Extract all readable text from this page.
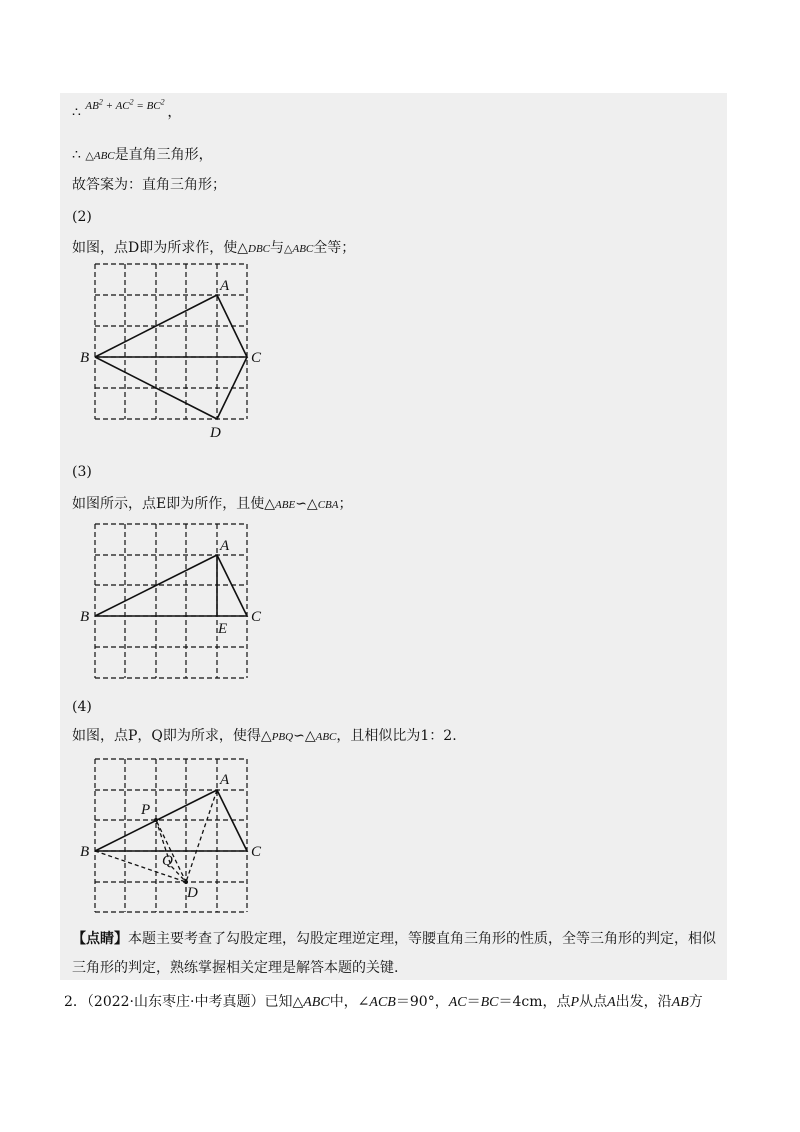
∴ $^{AB^2 + AC^2 = BC^2}$ ，
∴ △ABC是直角三角形，
故答案为：直角三角形；
(2)
如图，点D即为所求作，使△DBC与△ABC全等；
A
B	C
D
(3)
如图所示，点E即为所作，且使△ABE∽△CBA；
A
B	C
E
(4)
如图，点P，Q即为所求，使得△PBQ∽△ABC，且相似比为1：2.
A
B	C
P
Q
D
【点睛】本题主要考查了勾股定理，勾股定理逆定理，等腰直角三角形的性质，全等三角形的判定，相似
三角形的判定，熟练掌握相关定理是解答本题的关键.
2．（2022·山东枣庄·中考真题）已知△ABC中，∠ACB＝90°，AC＝BC＝4cm，点P从点A出发，沿AB方
